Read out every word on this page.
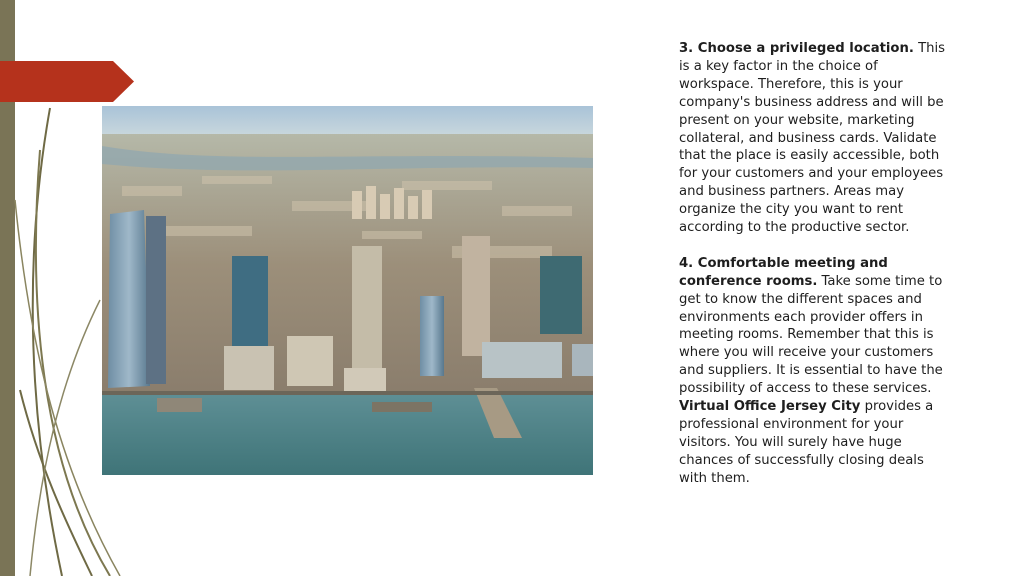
3. Choose a privileged location. This is a key factor in the choice of workspace. Therefore, this is your company's business address and will be present on your website, marketing collateral, and business cards. Validate that the place is easily accessible, both for your customers and your employees and business partners. Areas may organize the city you want to rent according to the productive sector.

4. Comfortable meeting and conference rooms. Take some time to get to know the different spaces and environments each provider offers in meeting rooms. Remember that this is where you will receive your customers and suppliers. It is essential to have the possibility of access to these services. Virtual Office Jersey City provides a professional environment for your visitors. You will surely have huge chances of successfully closing deals with them.
